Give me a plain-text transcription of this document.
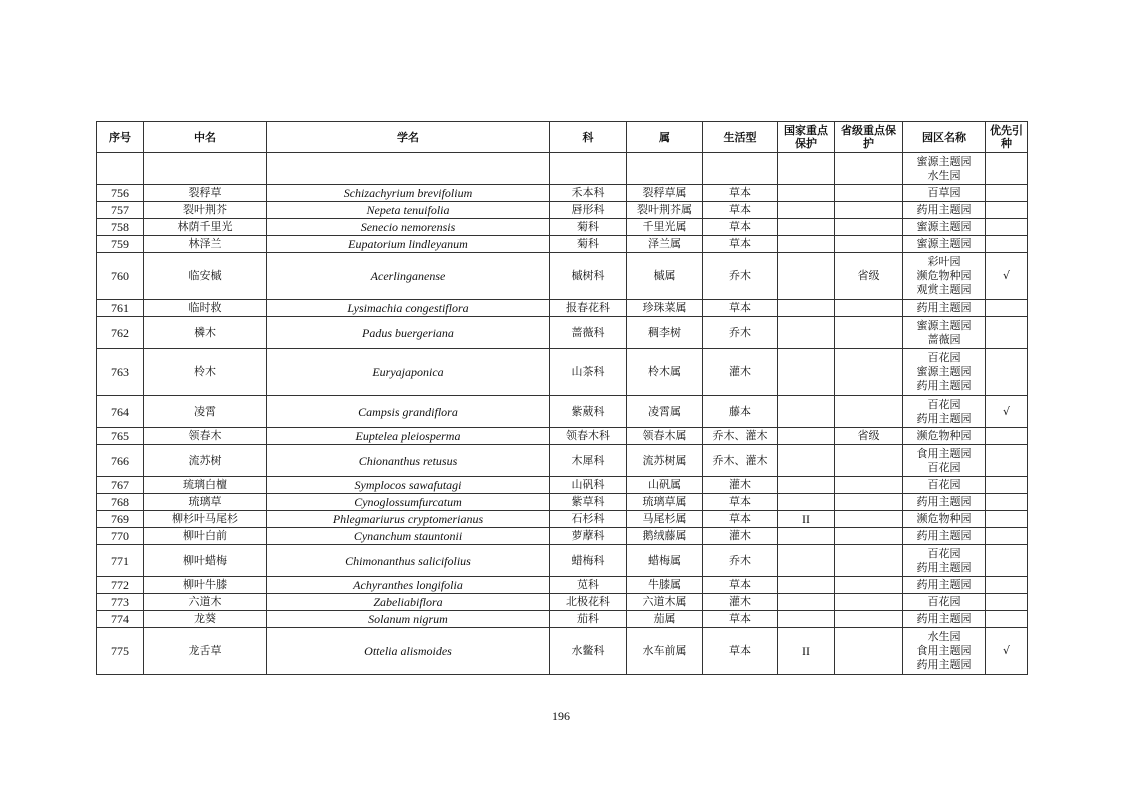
序号	中名	学名	科	属	生活型	国家重点保护	省级重点保护	园区名称	优先引种

								蜜源主题园
水生园	

756	裂稃草	Schizachyrium brevifolium	禾本科	裂稃草属	草本			百草园	

757	裂叶荆芥	Nepeta tenuifolia	唇形科	裂叶荆芥属	草本			药用主题园	

758	林荫千里光	Senecio nemorensis	菊科	千里光属	草本			蜜源主题园	

759	林泽兰	Eupatorium lindleyanum	菊科	泽兰属	草本			蜜源主题园	

760	临安槭	Acerlinganense	槭树科	槭属	乔木		省级	彩叶园
濒危物种园
观赏主题园	√
761	临时救	Lysimachia congestiflora	报春花科	珍珠菜属	草本			药用主题园	

762	橉木	Padus buergeriana	蔷薇科	稠李树	乔木			蜜源主题园
蔷薇园	

763	柃木	Euryajaponica	山茶科	柃木属	灌木			百花园
蜜源主题园
药用主题园	

764	凌霄	Campsis grandiflora	紫葳科	凌霄属	藤本			百花园
药用主题园	√
765	领春木	Euptelea pleiosperma	领春木科	领春木属	乔木、灌木		省级	濒危物种园	

766	流苏树	Chionanthus retusus	木犀科	流苏树属	乔木、灌木			食用主题园
百花园	

767	琉璃白檀	Symplocos sawafutagi	山矾科	山矾属	灌木			百花园	

768	琉璃草	Cynoglossumfurcatum	紫草科	琉璃草属	草本			药用主题园	

769	柳杉叶马尾杉	Phlegmariurus cryptomerianus	石杉科	马尾杉属	草本	II		濒危物种园	

770	柳叶白前	Cynanchum stauntonii	萝藦科	鹅绒藤属	灌木			药用主题园	

771	柳叶蜡梅	Chimonanthus salicifolius	蜡梅科	蜡梅属	乔木			百花园
药用主题园	

772	柳叶牛膝	Achyranthes longifolia	苋科	牛膝属	草本			药用主题园	

773	六道木	Zabeliabiflora	北极花科	六道木属	灌木			百花园	

774	龙葵	Solanum nigrum	茄科	茄属	草本			药用主题园	

775	龙舌草	Ottelia alismoides	水鳖科	水车前属	草本	II		水生园
食用主题园
药用主题园	√
196
